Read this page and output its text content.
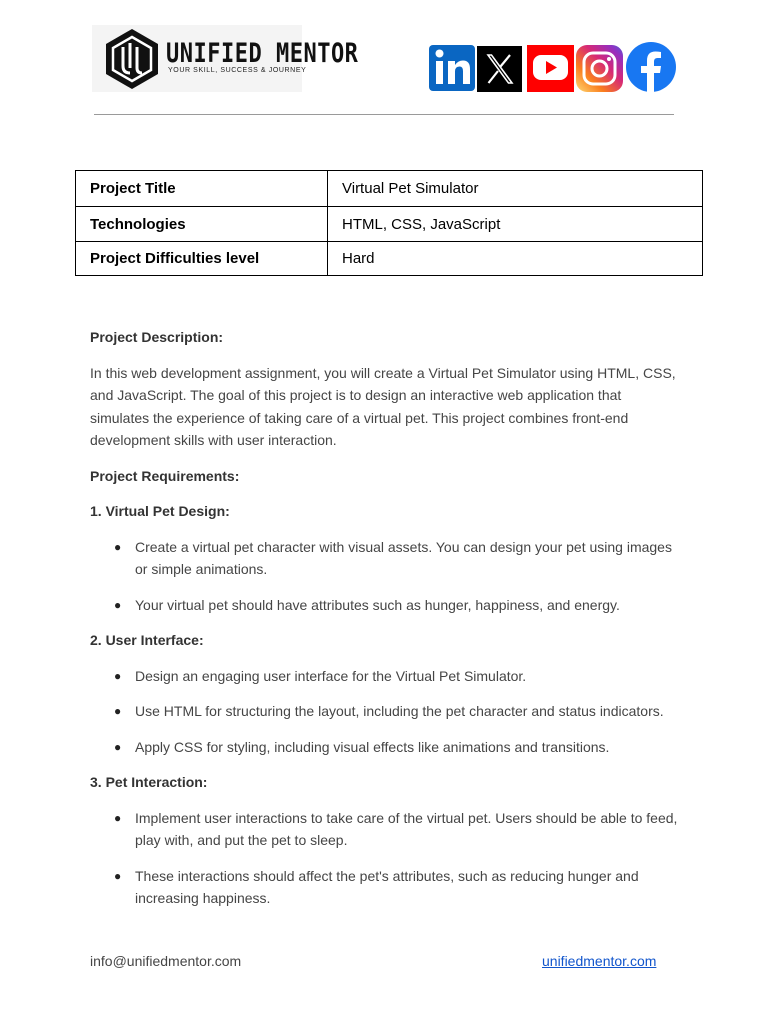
UNIFIED MENTOR
YOUR SKILL, SUCCESS & JOURNEY
Project Title	Virtual Pet Simulator
Technologies	HTML, CSS, JavaScript
Project Difficulties level	Hard
Project Description:
In this web development assignment, you will create a Virtual Pet Simulator using HTML, CSS, and JavaScript. The goal of this project is to design an interactive web application that simulates the experience of taking care of a virtual pet. This project combines front-end development skills with user interaction.
Project Requirements:
1. Virtual Pet Design:
● Create a virtual pet character with visual assets. You can design your pet using images or simple animations.
● Your virtual pet should have attributes such as hunger, happiness, and energy.
2. User Interface:
● Design an engaging user interface for the Virtual Pet Simulator.
● Use HTML for structuring the layout, including the pet character and status indicators.
● Apply CSS for styling, including visual effects like animations and transitions.
3. Pet Interaction:
● Implement user interactions to take care of the virtual pet. Users should be able to feed, play with, and put the pet to sleep.
● These interactions should affect the pet's attributes, such as reducing hunger and increasing happiness.
info@unifiedmentor.com	unifiedmentor.com
